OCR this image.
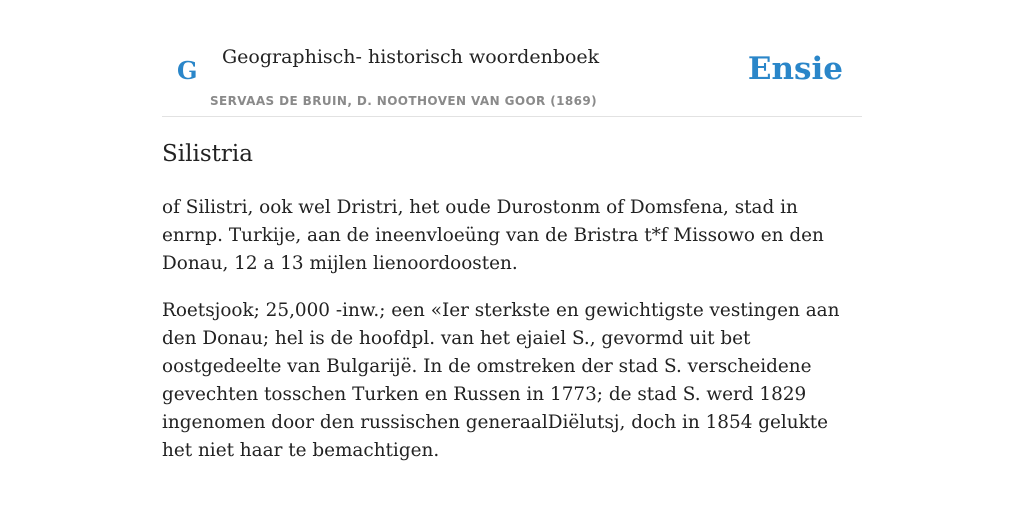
G Geographisch- historisch woordenboek
SERVAAS DE BRUIN, D. NOOTHOVEN VAN GOOR (1869)
Ensie
Silistria

of Silistri, ook wel Dristri, het oude Durostonm of Domsfena, stad in enrnp. Turkije, aan de ineenvloeüng van de Bristra t*f Missowo en den Donau, 12 a 13 mijlen lienoordoosten.

Roetsjook; 25,000 -inw.; een «Ier sterkste en gewichtigste vestingen aan den Donau; hel is de hoofdpl. van het ejaiel S., gevormd uit bet oostgedeelte van Bulgarijë. In de omstreken der stad S. verscheidene gevechten tosschen Turken en Russen in 1773; de stad S. werd 1829 ingenomen door den russischen generaalDiëlutsj, doch in 1854 gelukte het niet haar te bemachtigen.
